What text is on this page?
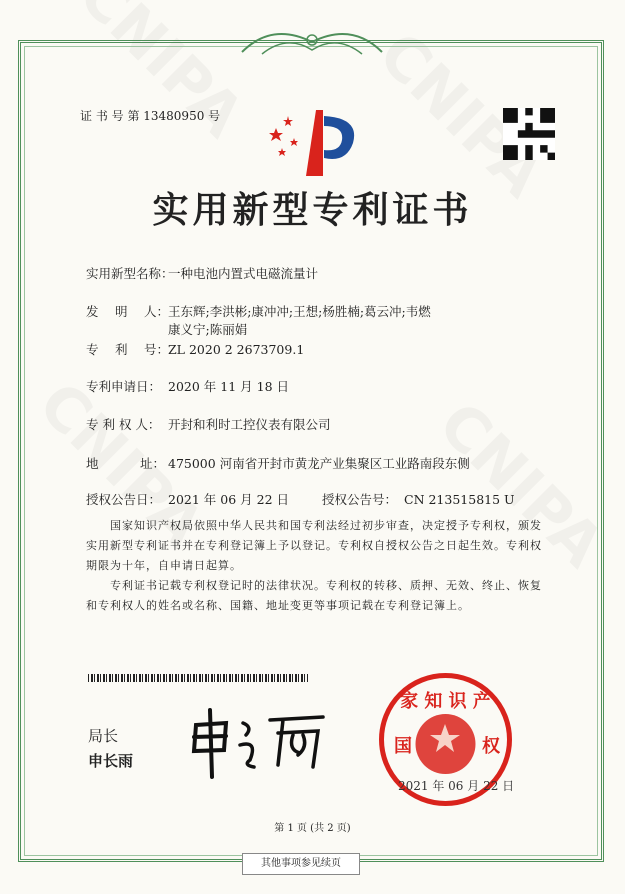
证 书 号 第 13480950 号
实用新型专利证书
实用新型名称：一种电池内置式电磁流量计
发　 明　 人：王东辉;李洪彬;康冲冲;王想;杨胜楠;葛云冲;韦燃
康义宁;陈丽娟
专　 利　 号：ZL 2020 2 2673709.1
专利申请日： 2020 年 11 月 18 日
专 利 权 人： 开封和利时工控仪表有限公司
地　　　 址： 475000 河南省开封市黄龙产业集聚区工业路南段东侧
授权公告日： 2021 年 06 月 22 日	授权公告号： CN 213515815 U
国家知识产权局依照中华人民共和国专利法经过初步审查，决定授予专利权，颁发实用新型专利证书并在专利登记簿上予以登记。专利权自授权公告之日起生效。专利权期限为十年，自申请日起算。
专利证书记载专利权登记时的法律状况。专利权的转移、质押、无效、终止、恢复和专利权人的姓名或名称、国籍、地址变更等事项记载在专利登记簿上。
局长
申长雨
家 知 识 产
国	权
2021 年 06 月 22 日
第 1 页 (共 2 页)
其他事项参见续页
